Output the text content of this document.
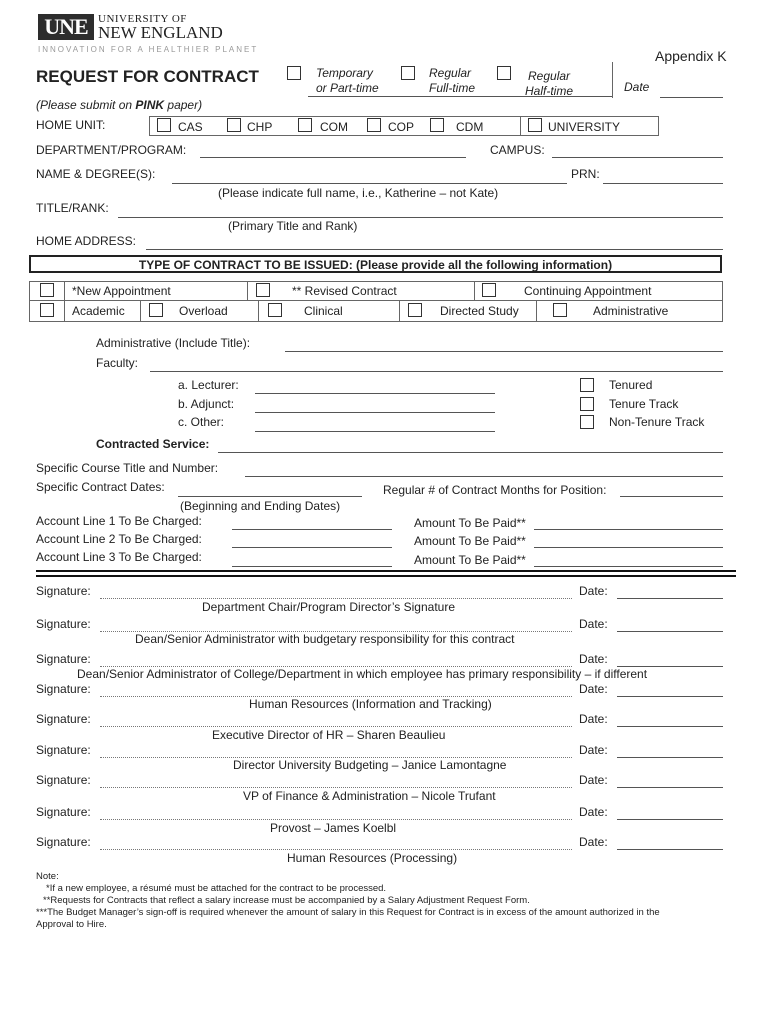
UNE UNIVERSITY OF
NEW ENGLAND
INNOVATION FOR A HEALTHIER PLANET	Appendix K
REQUEST FOR CONTRACT	Temporary
or Part-time
Regular
Full-time
Regular
Half-time	Date
(Please submit on PINK paper)
HOME UNIT:	CAS	CHP	COM	COP	CDM	UNIVERSITY
DEPARTMENT/PROGRAM:	CAMPUS:
NAME & DEGREE(S):	PRN:
(Please indicate full name, i.e., Katherine – not Kate)
TITLE/RANK:
(Primary Title and Rank)
HOME ADDRESS:
TYPE OF CONTRACT TO BE ISSUED: (Please provide all the following information)
*New Appointment	** Revised Contract	Continuing Appointment
Academic	Overload	Clinical	Directed Study	Administrative
Administrative (Include Title):
Faculty:
a. Lecturer:
b. Adjunct:
c. Other:
Tenured
Tenure Track
Non-Tenure Track
Contracted Service:
Specific Course Title and Number:
Specific Contract Dates:	Regular # of Contract Months for Position:
(Beginning and Ending Dates)
Account Line 1 To Be Charged:	Amount To Be Paid**
Account Line 2 To Be Charged:	Amount To Be Paid**
Account Line 3 To Be Charged:	Amount To Be Paid**
Signature:	Date:
Department Chair/Program Director’s Signature
Signature:	Date:
Dean/Senior Administrator with budgetary responsibility for this contract
Signature:	Date:
Dean/Senior Administrator of College/Department in which employee has primary responsibility – if different
Signature:	Date:
Human Resources (Information and Tracking)
Signature:	Date:
Executive Director of HR – Sharen Beaulieu
Signature:	Date:
Director University Budgeting – Janice Lamontagne
Signature:	Date:
VP of Finance & Administration – Nicole Trufant
Signature:	Date:
Provost – James Koelbl
Signature:	Date:
Human Resources (Processing)
Note:
*If a new employee, a résumé must be attached for the contract to be processed.
**Requests for Contracts that reflect a salary increase must be accompanied by a Salary Adjustment Request Form.
***The Budget Manager’s sign-off is required whenever the amount of salary in this Request for Contract is in excess of the amount authorized in the
Approval to Hire.
